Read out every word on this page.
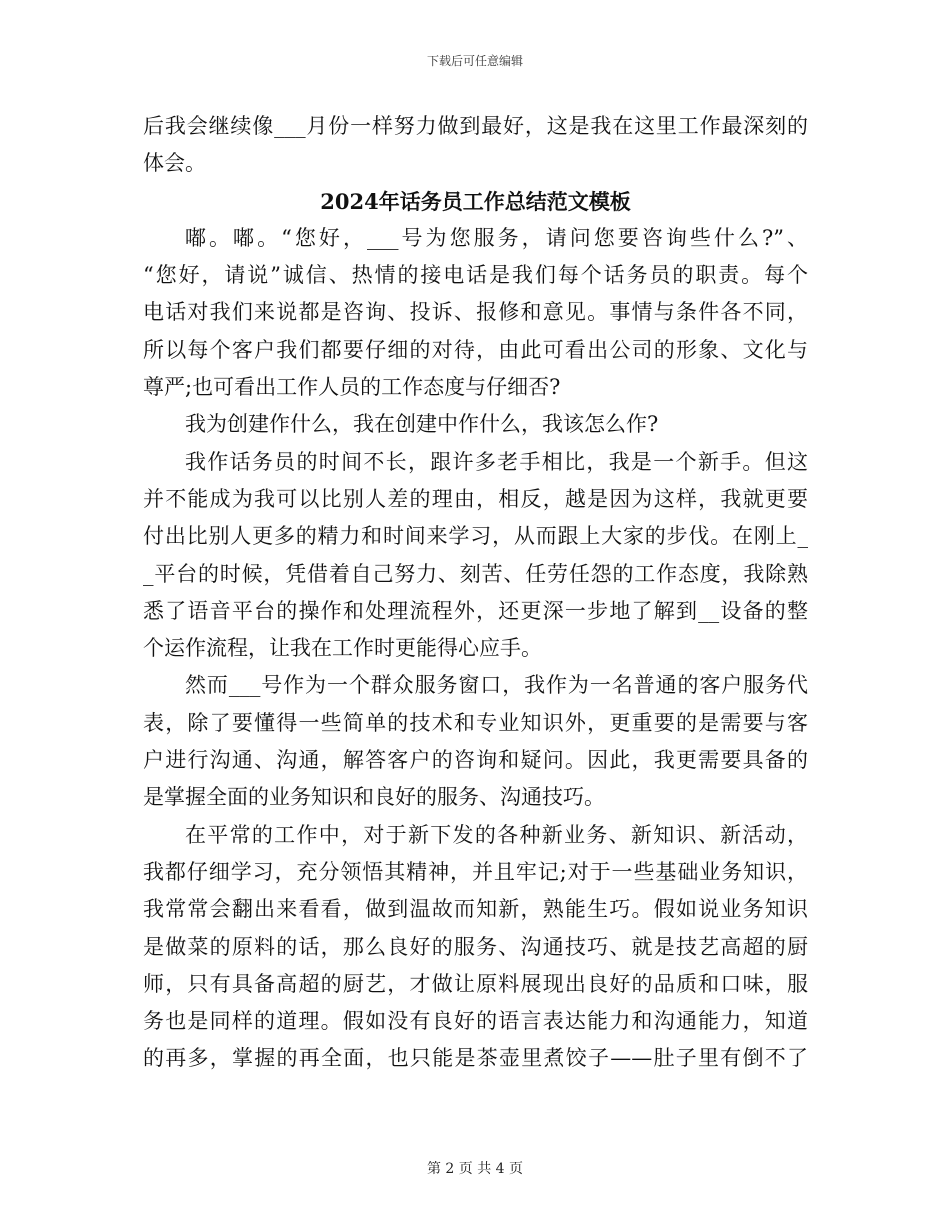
下载后可任意编辑
后我会继续像___月份一样努力做到最好，这是我在这里工作最深刻的
体会。
2024年话务员工作总结范文模板
嘟。嘟。“您好，___号为您服务，请问您要咨询些什么?”、
“您好，请说”诚信、热情的接电话是我们每个话务员的职责。每个
电话对我们来说都是咨询、投诉、报修和意见。事情与条件各不同，
所以每个客户我们都要仔细的对待，由此可看出公司的形象、文化与
尊严;也可看出工作人员的工作态度与仔细否?
我为创建作什么，我在创建中作什么，我该怎么作?
我作话务员的时间不长，跟许多老手相比，我是一个新手。但这
并不能成为我可以比别人差的理由，相反，越是因为这样，我就更要
付出比别人更多的精力和时间来学习，从而跟上大家的步伐。在刚上_
_平台的时候，凭借着自己努力、刻苦、任劳任怨的工作态度，我除熟
悉了语音平台的操作和处理流程外，还更深一步地了解到__设备的整
个运作流程，让我在工作时更能得心应手。
然而___号作为一个群众服务窗口，我作为一名普通的客户服务代
表，除了要懂得一些简单的技术和专业知识外，更重要的是需要与客
户进行沟通、沟通，解答客户的咨询和疑问。因此，我更需要具备的
是掌握全面的业务知识和良好的服务、沟通技巧。
在平常的工作中，对于新下发的各种新业务、新知识、新活动，
我都仔细学习，充分领悟其精神，并且牢记;对于一些基础业务知识，
我常常会翻出来看看，做到温故而知新，熟能生巧。假如说业务知识
是做菜的原料的话，那么良好的服务、沟通技巧、就是技艺高超的厨
师，只有具备高超的厨艺，才做让原料展现出良好的品质和口味，服
务也是同样的道理。假如没有良好的语言表达能力和沟通能力，知道
的再多，掌握的再全面，也只能是茶壶里煮饺子——肚子里有倒不了
第 2 页 共 4 页
